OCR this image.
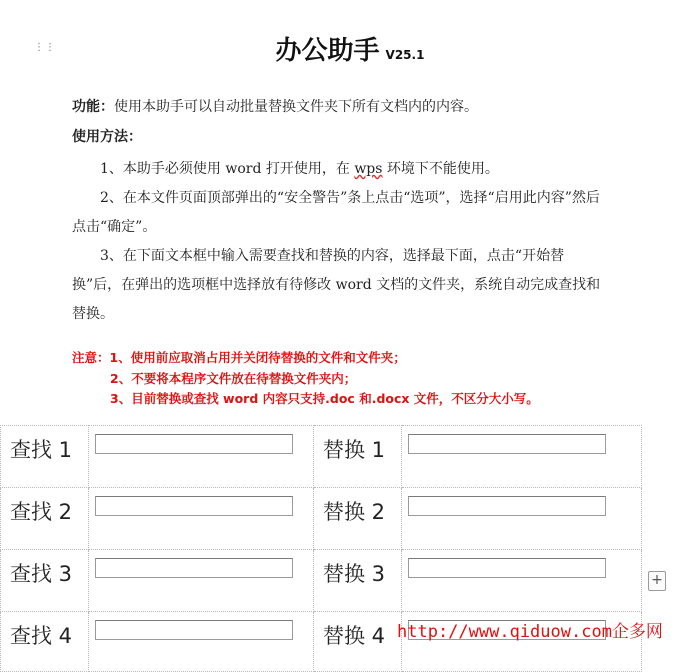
⋮⋮	办公助手 V25.1
功能：使用本助手可以自动批量替换文件夹下所有文档内的内容。
使用方法：
1、本助手必须使用 word 打开使用，在 wps 环境下不能使用。
2、在本文件页面顶部弹出的“安全警告”条上点击“选项”，选择“启用此内容”然后点击“确定”。
3、在下面文本框中输入需要查找和替换的内容，选择最下面，点击“开始替换”后，在弹出的选项框中选择放有待修改 word 文档的文件夹，系统自动完成查找和替换。
注意：1、使用前应取消占用并关闭待替换的文件和文件夹；
2、不要将本程序文件放在待替换文件夹内；
3、目前替换或查找 word 内容只支持.doc 和.docx 文件，不区分大小写。
查找 1		替换 1

查找 2		替换 2

查找 3		替换 3

查找 4		替换 4

+
http://www.qiduow.com企多网
